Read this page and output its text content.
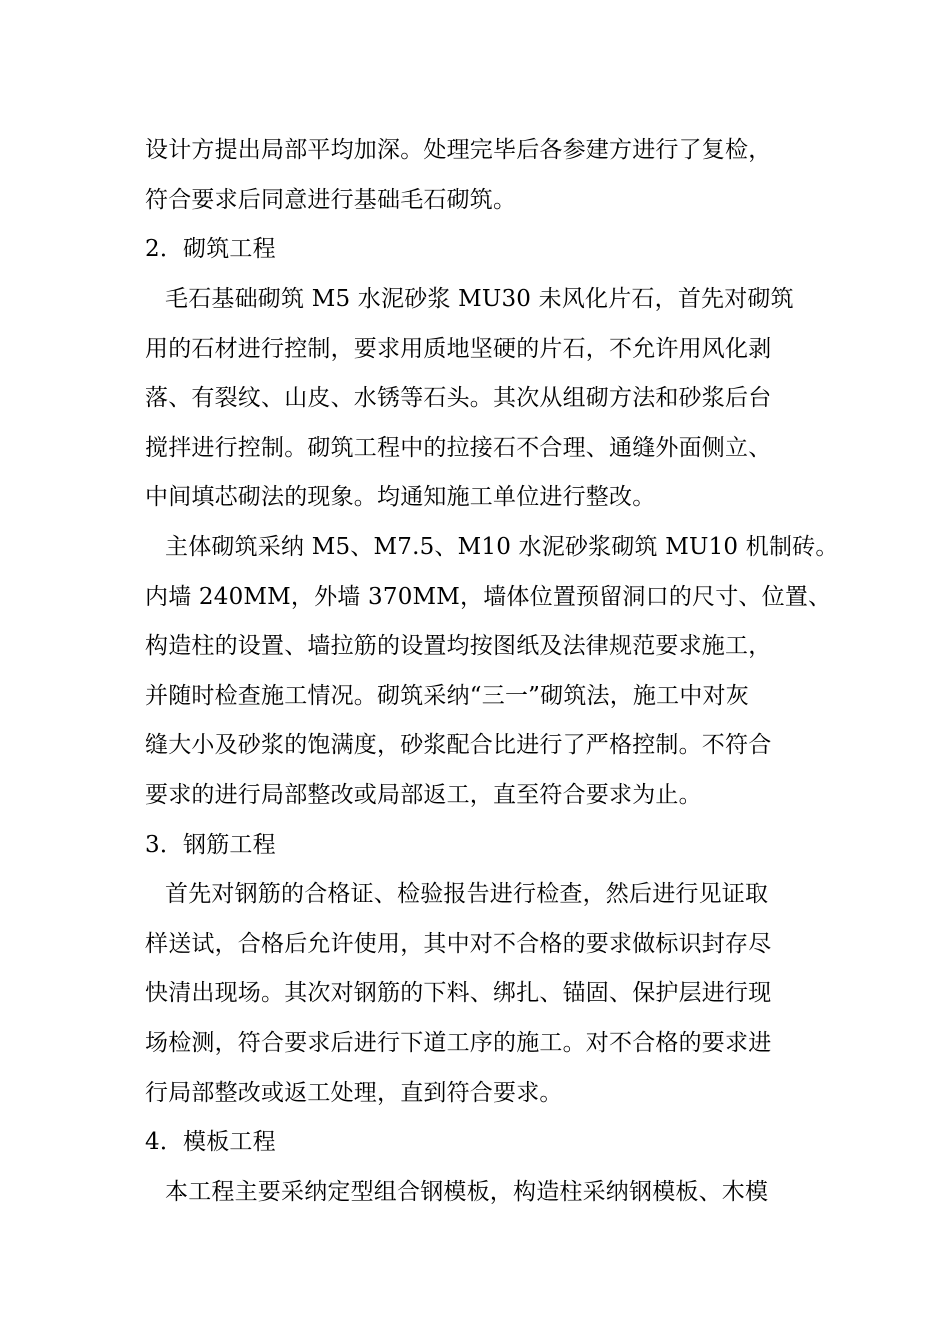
设计方提出局部平均加深。处理完毕后各参建方进行了复检，
符合要求后同意进行基础毛石砌筑。
2．砌筑工程
毛石基础砌筑 M5 水泥砂浆 MU30 未风化片石，首先对砌筑
用的石材进行控制，要求用质地坚硬的片石，不允许用风化剥
落、有裂纹、山皮、水锈等石头。其次从组砌方法和砂浆后台
搅拌进行控制。砌筑工程中的拉接石不合理、通缝外面侧立、
中间填芯砌法的现象。均通知施工单位进行整改。
主体砌筑采纳 M5、M7.5、M10 水泥砂浆砌筑 MU10 机制砖。
内墙 240MM，外墙 370MM，墙体位置预留洞口的尺寸、位置、
构造柱的设置、墙拉筋的设置均按图纸及法律规范要求施工，
并随时检查施工情况。砌筑采纳“三一”砌筑法，施工中对灰
缝大小及砂浆的饱满度，砂浆配合比进行了严格控制。不符合
要求的进行局部整改或局部返工，直至符合要求为止。
3．钢筋工程
首先对钢筋的合格证、检验报告进行检查，然后进行见证取
样送试，合格后允许使用，其中对不合格的要求做标识封存尽
快清出现场。其次对钢筋的下料、绑扎、锚固、保护层进行现
场检测，符合要求后进行下道工序的施工。对不合格的要求进
行局部整改或返工处理，直到符合要求。
4．模板工程
本工程主要采纳定型组合钢模板，构造柱采纳钢模板、木模
